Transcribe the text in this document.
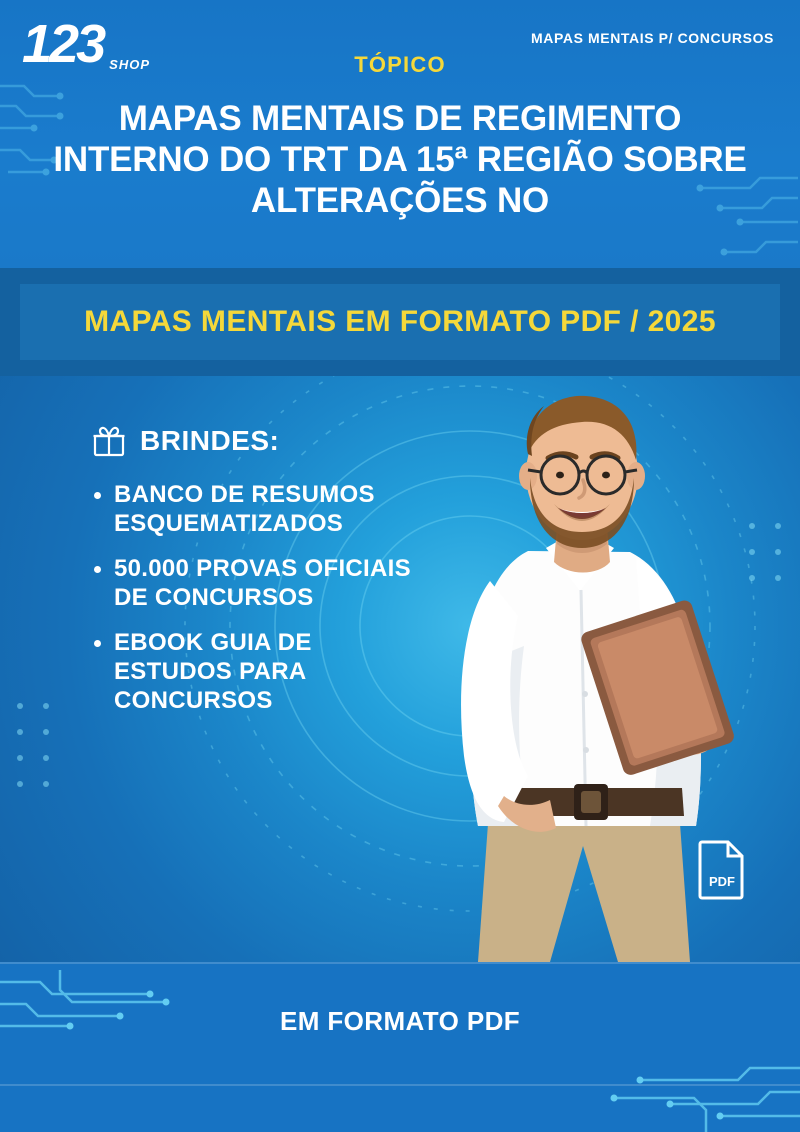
123 SHOP
MAPAS MENTAIS P/ CONCURSOS
TÓPICO
MAPAS MENTAIS DE REGIMENTO INTERNO DO TRT DA 15ª REGIÃO SOBRE ALTERAÇÕES NO
MAPAS MENTAIS EM FORMATO PDF / 2025
BRINDES:
• BANCO DE RESUMOS ESQUEMATIZADOS
• 50.000 PROVAS OFICIAIS DE CONCURSOS
• EBOOK GUIA DE ESTUDOS PARA CONCURSOS
PDF
EM FORMATO PDF
